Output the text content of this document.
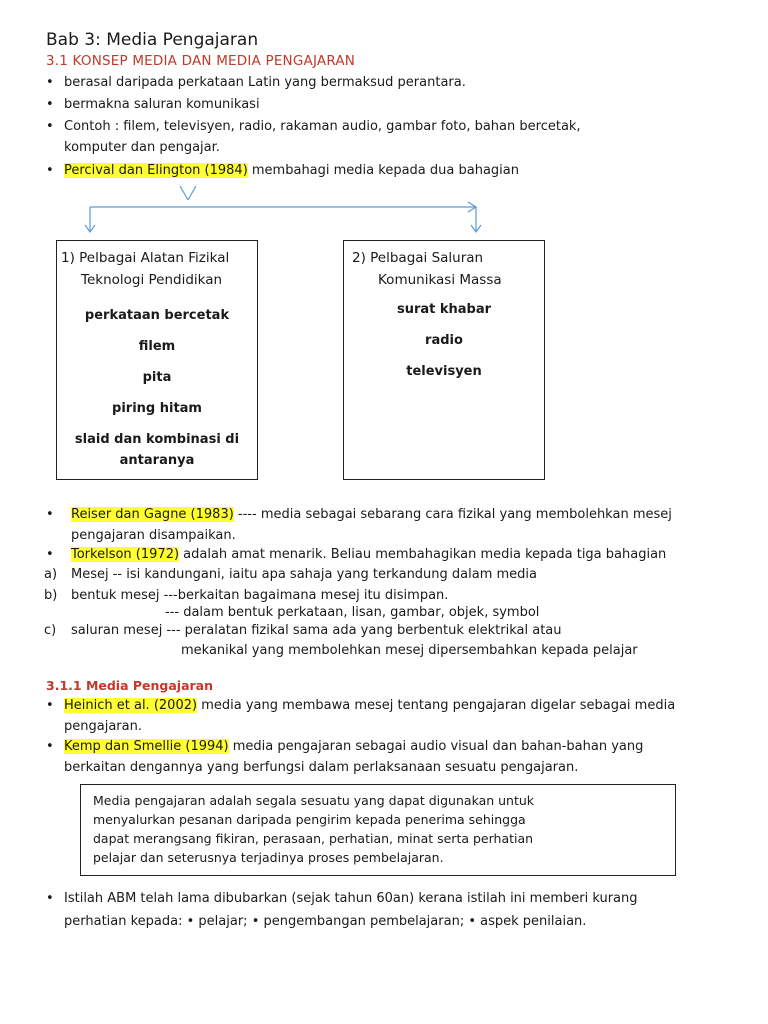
Bab 3: Media Pengajaran
3.1 KONSEP MEDIA DAN MEDIA PENGAJARAN
• berasal daripada perkataan Latin yang bermaksud perantara.
• bermakna saluran komunikasi
• Contoh : filem, televisyen, radio, rakaman audio, gambar foto, bahan bercetak,
komputer dan pengajar.
• Percival dan Elington (1984) membahagi media kepada dua bahagian
1) Pelbagai Alatan Fizikal
Teknologi Pendidikan
perkataan bercetak
filem
pita
piring hitam
slaid dan kombinasi di
antaranya
2) Pelbagai Saluran
Komunikasi Massa
surat khabar
radio
televisyen
• Reiser dan Gagne (1983) ---- media sebagai sebarang cara fizikal yang membolehkan mesej
pengajaran disampaikan.
• Torkelson (1972) adalah amat menarik. Beliau membahagikan media kepada tiga bahagian
a) Mesej -- isi kandungani, iaitu apa sahaja yang terkandung dalam media
b) bentuk mesej ---berkaitan bagaimana mesej itu disimpan.
--- dalam bentuk perkataan, lisan, gambar, objek, symbol
c) saluran mesej --- peralatan fizikal sama ada yang berbentuk elektrikal atau
mekanikal yang membolehkan mesej dipersembahkan kepada pelajar
3.1.1 Media Pengajaran
• Heinich et al. (2002) media yang membawa mesej tentang pengajaran digelar sebagai media
pengajaran.
• Kemp dan Smellie (1994) media pengajaran sebagai audio visual dan bahan-bahan yang
berkaitan dengannya yang berfungsi dalam perlaksanaan sesuatu pengajaran.
Media pengajaran adalah segala sesuatu yang dapat digunakan untuk
menyalurkan pesanan daripada pengirim kepada penerima sehingga
dapat merangsang fikiran, perasaan, perhatian, minat serta perhatian
pelajar dan seterusnya terjadinya proses pembelajaran.
• Istilah ABM telah lama dibubarkan (sejak tahun 60an) kerana istilah ini memberi kurang
perhatian kepada: • pelajar; • pengembangan pembelajaran; • aspek penilaian.
